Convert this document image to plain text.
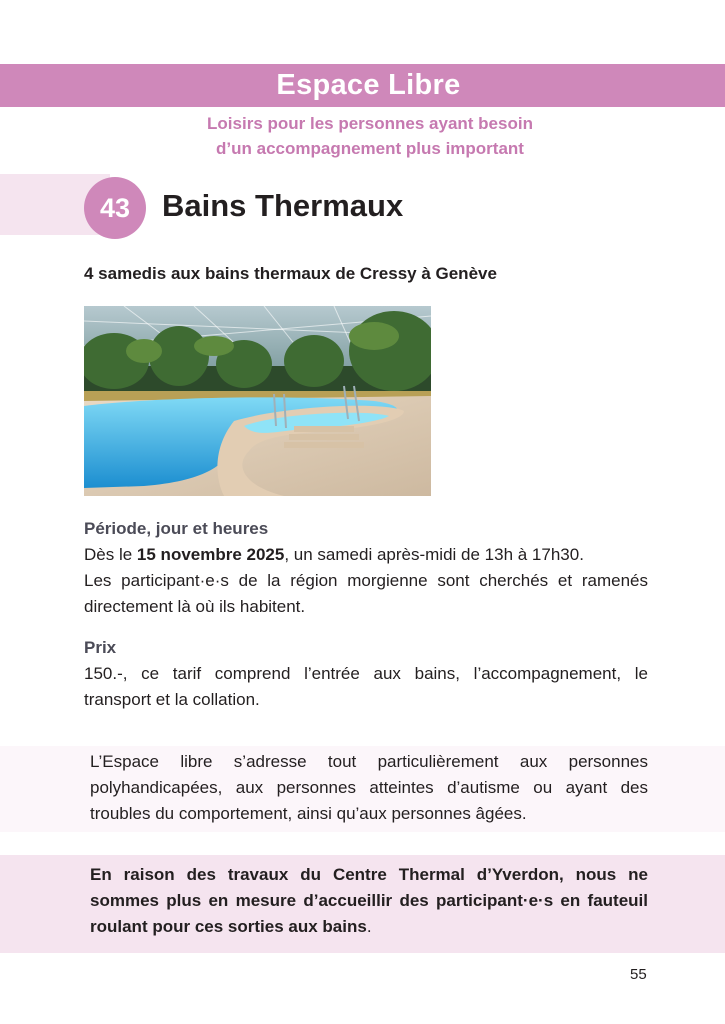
Espace Libre
Loisirs pour les personnes ayant besoin
d’un accompagnement plus important
43 Bains Thermaux
4 samedis aux bains thermaux de Cressy à Genève
Période, jour et heures
Dès le 15 novembre 2025, un samedi après-midi de 13h à 17h30.
Les participant·e·s de la région morgienne sont cherchés et ramenés directement là où ils habitent.
Prix
150.-, ce tarif comprend l’entrée aux bains, l’accompagnement, le transport et la collation.

L’Espace libre s’adresse tout particulièrement aux personnes polyhandicapées, aux personnes atteintes d’autisme ou ayant des troubles du comportement, ainsi qu’aux personnes âgées.

En raison des travaux du Centre Thermal d’Yverdon, nous ne sommes plus en mesure d’accueillir des participant·e·s en fauteuil roulant pour ces sorties aux bains.

55
